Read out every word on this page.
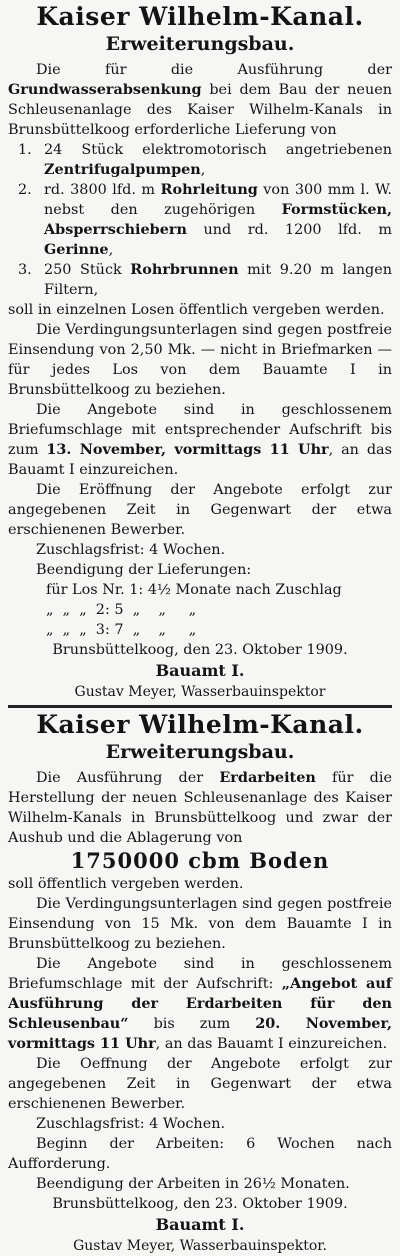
Kaiser Wilhelm-Kanal.
Erweiterungsbau.

Die für die Ausführung der Grundwasserabsenkung bei dem Bau der neuen Schleusenanlage des Kaiser Wilhelm-Kanals in Brunsbüttelkoog erforderliche Lieferung von

1. 24 Stück elektromotorisch angetriebenen Zentrifugalpumpen,
2. rd. 3800 lfd. m Rohrleitung von 300 mm l. W. nebst den zugehörigen Formstücken, Absperrschiebern und rd. 1200 lfd. m Gerinne,
3. 250 Stück Rohrbrunnen mit 9.20 m langen Filtern,

soll in einzelnen Losen öffentlich vergeben werden.

Die Verdingungsunterlagen sind gegen postfreie Einsendung von 2,50 Mk. — nicht in Briefmarken — für jedes Los von dem Bauamte I in Brunsbüttelkoog zu beziehen.

Die Angebote sind in geschlossenem Briefumschlage mit entsprechender Aufschrift bis zum 13. November, vormittags 11 Uhr, an das Bauamt I einzureichen.

Die Eröffnung der Angebote erfolgt zur angegebenen Zeit in Gegenwart der etwa erschienenen Bewerber.

Zuschlagsfrist: 4 Wochen.

Beendigung der Lieferungen:

für Los Nr. 1: 4½ Monate nach Zuschlag
„  „  „  2: 5  „    „     „
„  „  „  3: 7  „    „     „

Brunsbüttelkoog, den 23. Oktober 1909.

Bauamt I.
Gustav Meyer, Wasserbauinspektor
Kaiser Wilhelm-Kanal.
Erweiterungsbau.

Die Ausführung der Erdarbeiten für die Herstellung der neuen Schleusenanlage des Kaiser Wilhelm-Kanals in Brunsbüttelkoog und zwar der Aushub und die Ablagerung von

1750000 cbm Boden

soll öffentlich vergeben werden.

Die Verdingungsunterlagen sind gegen postfreie Einsendung von 15 Mk. von dem Bauamte I in Brunsbüttelkoog zu beziehen.

Die Angebote sind in geschlossenem Briefumschlage mit der Aufschrift: „Angebot auf Ausführung der Erdarbeiten für den Schleusenbau“ bis zum 20. November, vormittags 11 Uhr, an das Bauamt I einzureichen.

Die Oeffnung der Angebote erfolgt zur angegebenen Zeit in Gegenwart der etwa erschienenen Bewerber.

Zuschlagsfrist: 4 Wochen.

Beginn der Arbeiten: 6 Wochen nach Aufforderung.

Beendigung der Arbeiten in 26½ Monaten.

Brunsbüttelkoog, den 23. Oktober 1909.

Bauamt I.
Gustav Meyer, Wasserbauinspektor.
